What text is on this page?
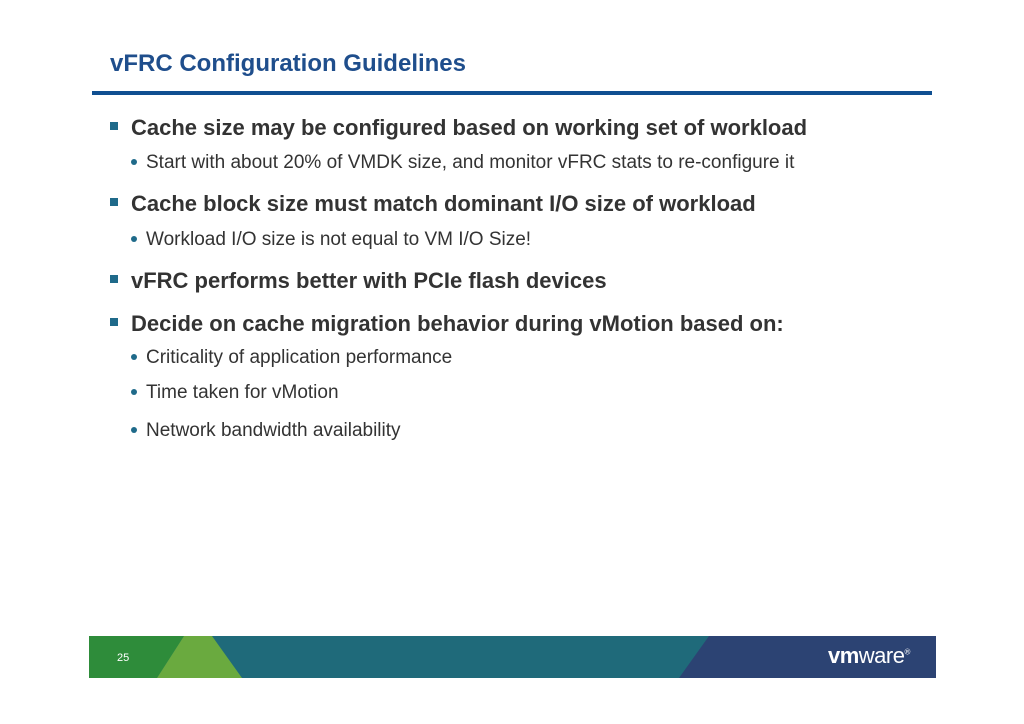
vFRC Configuration Guidelines
Cache size may be configured based on working set of workload
Start with about 20% of VMDK size, and monitor vFRC stats to re-configure it
Cache block size must match dominant I/O size of workload
Workload I/O size is not equal to VM I/O Size!
vFRC performs better with PCIe flash devices
Decide on cache migration behavior during vMotion based on:
Criticality of application performance
Time taken for vMotion
Network bandwidth availability
25	vmware®
